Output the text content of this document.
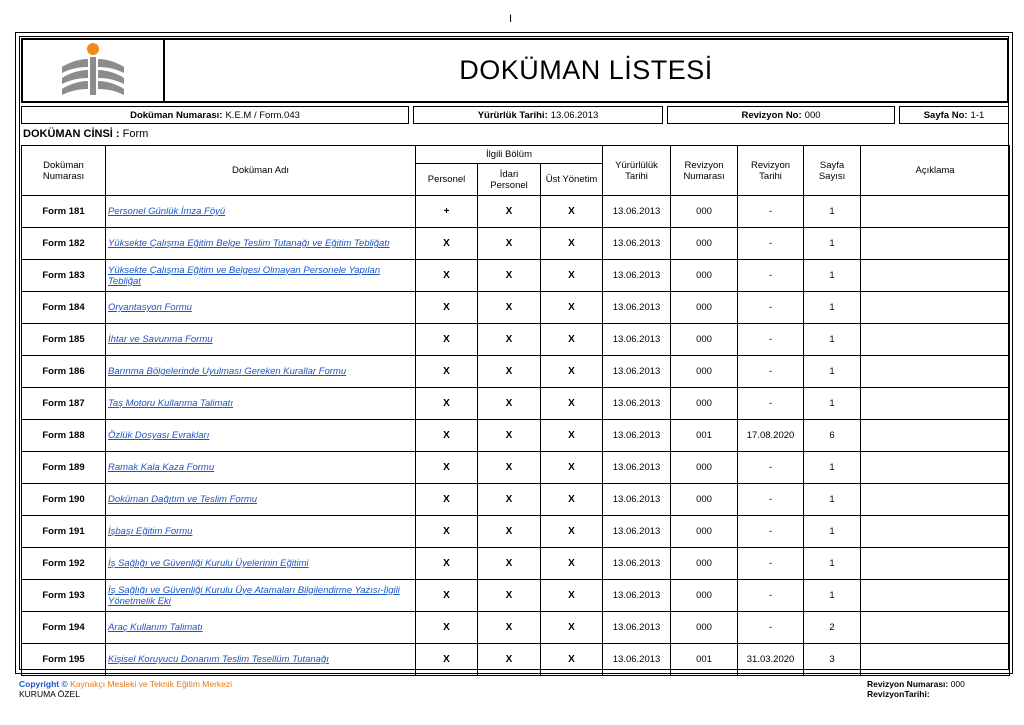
I
DOKÜMAN LİSTESİ
Doküman Numarası: K.E.M / Form.043	Yürürlük Tarihi: 13.06.2013	Revizyon No: 000	Sayfa No: 1-1
DOKÜMAN CİNSİ : Form
Doküman Numarası	Doküman Adı	İlgili Bölüm			Yürürlülük Tarihi	Revizyon Numarası	Revizyon Tarihi	Sayfa Sayısı	Açıklama
		Personel	İdari Personel	Üst Yönetim					
Form 181	Personel Günlük İmza Föyü	+	X	X	13.06.2013	000	-	1	
Form 182	Yüksekte Çalışma Eğitim Belge Teslim Tutanağı ve Eğitim Tebliğatı	X	X	X	13.06.2013	000	-	1	
Form 183	Yüksekte Çalışma Eğitim ve Belgesi Olmayan Personele Yapılan Tebliğat	X	X	X	13.06.2013	000	-	1	
Form 184	Oryantasyon Formu	X	X	X	13.06.2013	000	-	1	
Form 185	İhtar ve Savunma Formu	X	X	X	13.06.2013	000	-	1	
Form 186	Barınma Bölgelerinde Uyulması Gereken Kurallar Formu	X	X	X	13.06.2013	000	-	1	
Form 187	Taş Motoru Kullanma Talimatı	X	X	X	13.06.2013	000	-	1	
Form 188	Özlük Dosyası Evrakları	X	X	X	13.06.2013	001	17.08.2020	6	
Form 189	Ramak Kala Kaza Formu	X	X	X	13.06.2013	000	-	1	
Form 190	Doküman Dağıtım ve Teslim Formu	X	X	X	13.06.2013	000	-	1	
Form 191	İşbaşı Eğitim Formu	X	X	X	13.06.2013	000	-	1	
Form 192	İş Sağlığı ve Güvenliği Kurulu Üyelerinin Eğitimi	X	X	X	13.06.2013	000	-	1	
Form 193	İş Sağlığı ve Güvenliği Kurulu Üye Atamaları Bilgilendirme Yazısı-İlgili Yönetmelik Eki	X	X	X	13.06.2013	000	-	1	
Form 194	Araç Kullanım Talimatı	X	X	X	13.06.2013	000	-	2	
Form 195	Kişisel Koruyucu Donanım Teslim Tesellüm Tutanağı	X	X	X	13.06.2013	001	31.03.2020	3	
Copyright © Kaynakçı Mesleki ve Teknik Eğitim Merkezi
KURUMA ÖZEL
Revizyon Numarası: 000
RevizyonTarihi:
